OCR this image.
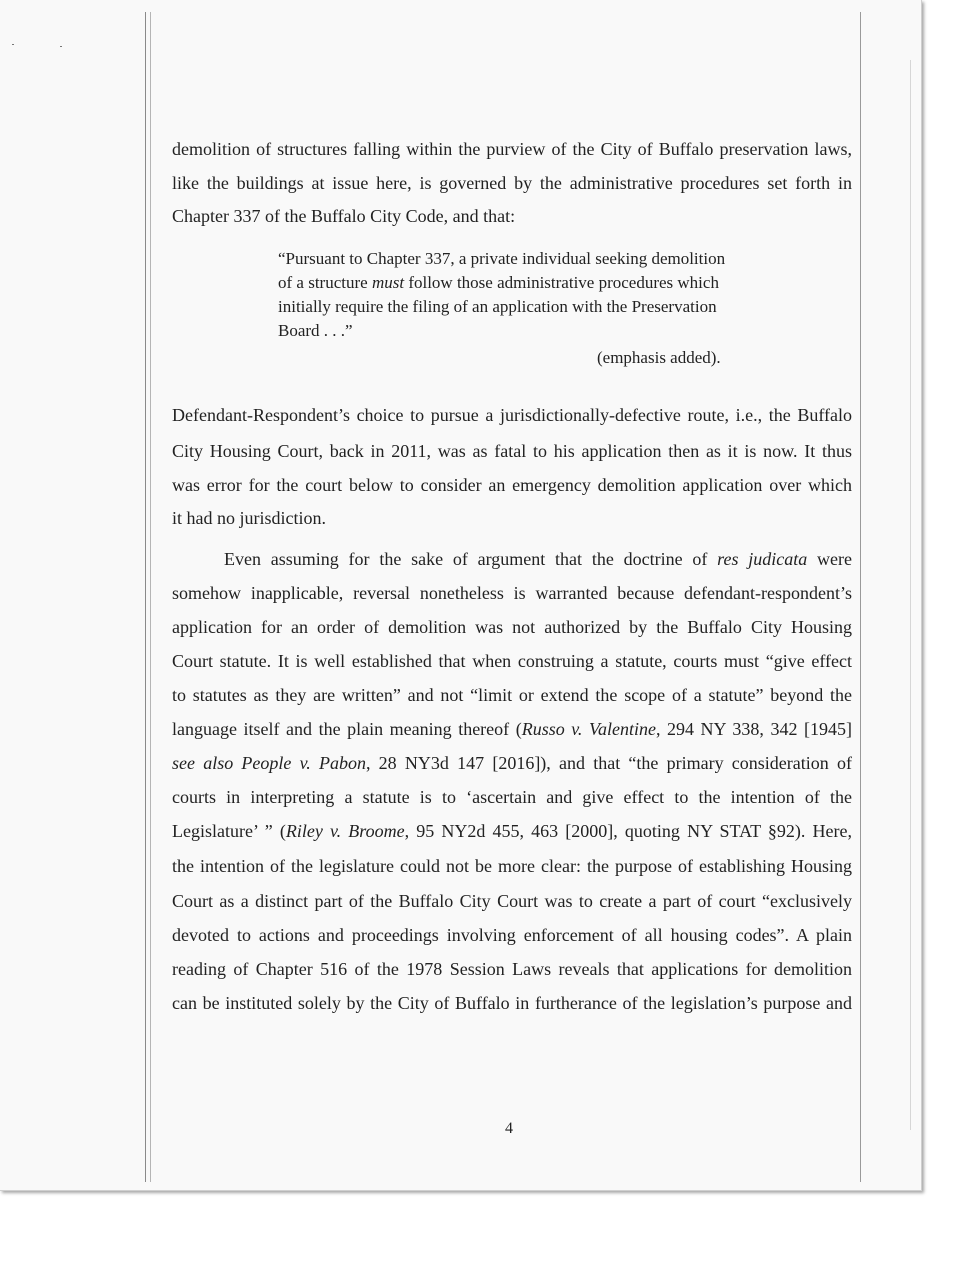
demolition of structures falling within the purview of the City of Buffalo preservation laws,
like the buildings at issue here, is governed by the administrative procedures set forth in
Chapter 337 of the Buffalo City Code, and that:
“Pursuant to Chapter 337, a private individual seeking demolition
of a structure must follow those administrative procedures which
initially require the filing of an application with the Preservation
Board . . .”
(emphasis added).
Defendant-Respondent’s choice to pursue a jurisdictionally-defective route, i.e., the Buffalo
City Housing Court, back in 2011, was as fatal to his application then as it is now. It thus
was error for the court below to consider an emergency demolition application over which
it had no jurisdiction.
Even assuming for the sake of argument that the doctrine of res judicata were
somehow inapplicable, reversal nonetheless is warranted because defendant-respondent’s
application for an order of demolition was not authorized by the Buffalo City Housing
Court statute. It is well established that when construing a statute, courts must “give effect
to statutes as they are written” and not “limit or extend the scope of a statute” beyond the
language itself and the plain meaning thereof (Russo v. Valentine, 294 NY 338, 342 [1945]
see also People v. Pabon, 28 NY3d 147 [2016]), and that “the primary consideration of
courts in interpreting a statute is to ‘ascertain and give effect to the intention of the
Legislature’ ” (Riley v. Broome, 95 NY2d 455, 463 [2000], quoting NY STAT §92). Here,
the intention of the legislature could not be more clear: the purpose of establishing Housing
Court as a distinct part of the Buffalo City Court was to create a part of court “exclusively
devoted to actions and proceedings involving enforcement of all housing codes”. A plain
reading of Chapter 516 of the 1978 Session Laws reveals that applications for demolition
can be instituted solely by the City of Buffalo in furtherance of the legislation’s purpose and
4
